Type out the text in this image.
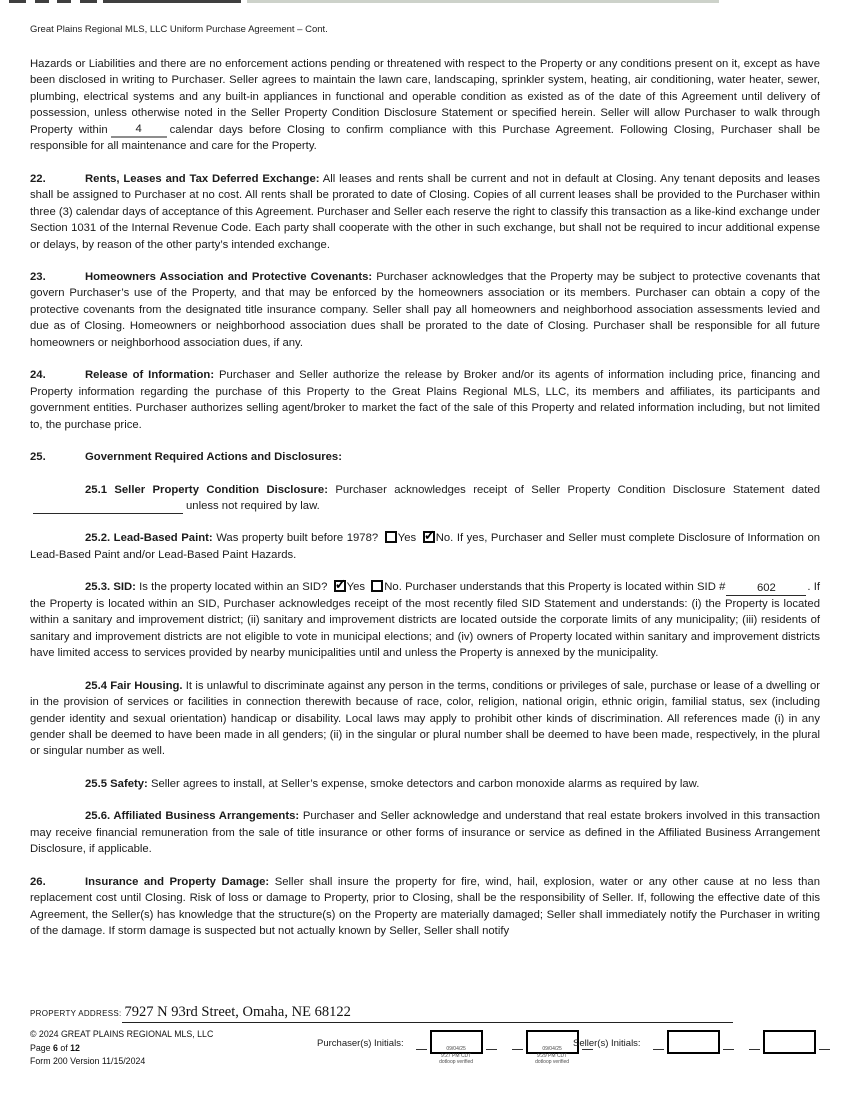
Great Plains Regional MLS, LLC Uniform Purchase Agreement – Cont.

Hazards or Liabilities and there are no enforcement actions pending or threatened with respect to the Property or any conditions present on it, except as have been disclosed in writing to Purchaser. Seller agrees to maintain the lawn care, landscaping, sprinkler system, heating, air conditioning, water heater, sewer, plumbing, electrical systems and any built-in appliances in functional and operable condition as existed as of the date of this Agreement until delivery of possession, unless otherwise noted in the Seller Property Condition Disclosure Statement or specified herein. Seller will allow Purchaser to walk through Property within 4 calendar days before Closing to confirm compliance with this Purchase Agreement. Following Closing, Purchaser shall be responsible for all maintenance and care for the Property.

22.	Rents, Leases and Tax Deferred Exchange: All leases and rents shall be current and not in default at Closing. Any tenant deposits and leases shall be assigned to Purchaser at no cost. All rents shall be prorated to date of Closing. Copies of all current leases shall be provided to the Purchaser within three (3) calendar days of acceptance of this Agreement. Purchaser and Seller each reserve the right to classify this transaction as a like-kind exchange under Section 1031 of the Internal Revenue Code. Each party shall cooperate with the other in such exchange, but shall not be required to incur additional expense or delays, by reason of the other party’s intended exchange.

23.	Homeowners Association and Protective Covenants: Purchaser acknowledges that the Property may be subject to protective covenants that govern Purchaser’s use of the Property, and that may be enforced by the homeowners association or its members. Purchaser can obtain a copy of the protective covenants from the designated title insurance company. Seller shall pay all homeowners and neighborhood association assessments levied and due as of Closing. Homeowners or neighborhood association dues shall be prorated to the date of Closing. Purchaser shall be responsible for all future homeowners or neighborhood association dues, if any.

24.	Release of Information: Purchaser and Seller authorize the release by Broker and/or its agents of information including price, financing and Property information regarding the purchase of this Property to the Great Plains Regional MLS, LLC, its members and affiliates, its participants and government entities. Purchaser authorizes selling agent/broker to market the fact of the sale of this Property and related information including, but not limited to, the purchase price.

25.	Government Required Actions and Disclosures:

25.1 Seller Property Condition Disclosure: Purchaser acknowledges receipt of Seller Property Condition Disclosure Statement datedunless not required by law.

25.2. Lead-Based Paint: Was property built before 1978? Yes ✓ No. If yes, Purchaser and Seller must complete Disclosure of Information on Lead-Based Paint and/or Lead-Based Paint Hazards.

25.3. SID: Is the property located within an SID? ✓ Yes No. Purchaser understands that this Property is located within SID #	602	. If the Property is located within an SID, Purchaser acknowledges receipt of the most recently filed SID Statement and understands: (i) the Property is located within a sanitary and improvement district; (ii) sanitary and improvement districts are located outside the corporate limits of any municipality; (iii) residents of sanitary and improvement districts are not eligible to vote in municipal elections; and (iv) owners of Property located within sanitary and improvement districts have limited access to services provided by nearby municipalities until and unless the Property is annexed by the municipality.

25.4 Fair Housing. It is unlawful to discriminate against any person in the terms, conditions or privileges of sale, purchase or lease of a dwelling or in the provision of services or facilities in connection therewith because of race, color, religion, national origin, ethnic origin, familial status, sex (including gender identity and sexual orientation) handicap or disability. Local laws may apply to prohibit other kinds of discrimination. All references made (i) in any gender shall be deemed to have been made in all genders; (ii) in the singular or plural number shall be deemed to have been made, respectively, in the plural or singular number as well.

25.5 Safety: Seller agrees to install, at Seller’s expense, smoke detectors and carbon monoxide alarms as required by law.

25.6. Affiliated Business Arrangements: Purchaser and Seller acknowledge and understand that real estate brokers involved in this transaction may receive financial remuneration from the sale of title insurance or other forms of insurance or service as defined in the Affiliated Business Arrangement Disclosure, if applicable.

26.	Insurance and Property Damage: Seller shall insure the property for fire, wind, hail, explosion, water or any other cause at no less than replacement cost until Closing. Risk of loss or damage to Property, prior to Closing, shall be the responsibility of Seller. If, following the effective date of this Agreement, the Seller(s) has knowledge that the structure(s) on the Property are materially damaged; Seller shall immediately notify the Purchaser in writing of the damage. If storm damage is suspected but not actually known by Seller, Seller shall notify

PROPERTY ADDRESS: 7927 N 93rd Street, Omaha, NE 68122
© 2024 GREAT PLAINS REGIONAL MLS, LLC
Page 6 of 12
Form 200 Version 11/15/2024
Purchaser(s) Initials:	09/04/25
9:27 PM CDT
dotloop verified
09/04/25
9:29 PM CDT
dotloop verified
Seller(s) Initials:
